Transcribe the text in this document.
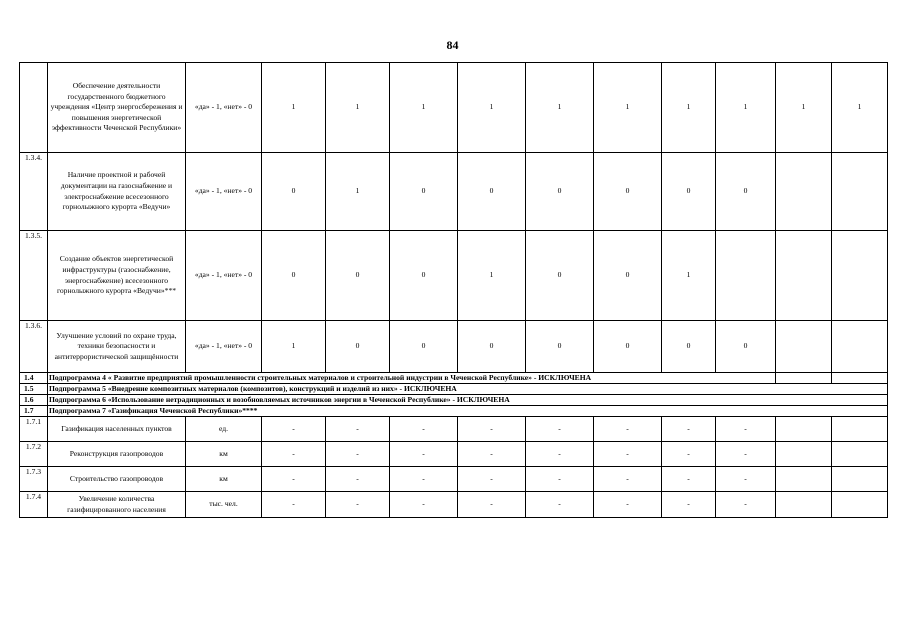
84
	Обеспечение деятельности государственного бюджетного учреждения «Центр энергосбережения и повышения энергетической эффективности Чеченской Республики»	«да» - 1, «нет» - 0	1	1	1	1	1	1	1	1	1	1
1.3.4.	Наличие проектной и рабочей документации на газоснабжение и электроснабжение всесезонного горнолыжного курорта «Ведучи»	«да» - 1, «нет» - 0	0	1	0	0	0	0	0	0		
1.3.5.	Создание объектов энергетической инфраструктуры (газоснабжение, энергоснабжение) всесезонного горнолыжного курорта «Ведучи»***	«да» - 1, «нет» - 0	0	0	0	1	0	0	1			
1.3.6.	Улучшение условий по охране труда, техники безопасности и антитеррористической защищённости	«да» - 1, «нет» - 0	1	0	0	0	0	0	0	0		
1.4	Подпрограмма 4 « Развитие предприятий промышленности строительных материалов и строительной индустрии в Чеченской Республике» - ИСКЛЮЧЕНА											
1.5	Подпрограмма 5 «Внедрение композитных материалов (композитов), конструкций и изделий из них» - ИСКЛЮЧЕНА											
1.6	Подпрограмма 6 «Использование нетрадиционных и возобновляемых источников энергии в Чеченской Республике» - ИСКЛЮЧЕНА											
1.7	Подпрограмма 7 «Газификация Чеченской Республики»****											
1.7.1	Газификация населенных пунктов	ед.	-	-	-	-	-	-	-	-		
1.7.2	Реконструкция газопроводов	км	-	-	-	-	-	-	-	-		
1.7.3	Строительство газопроводов	км	-	-	-	-	-	-	-	-		
1.7.4	Увеличение количества газифицированного населения	тыс. чел.	-	-	-	-	-	-	-	-		
